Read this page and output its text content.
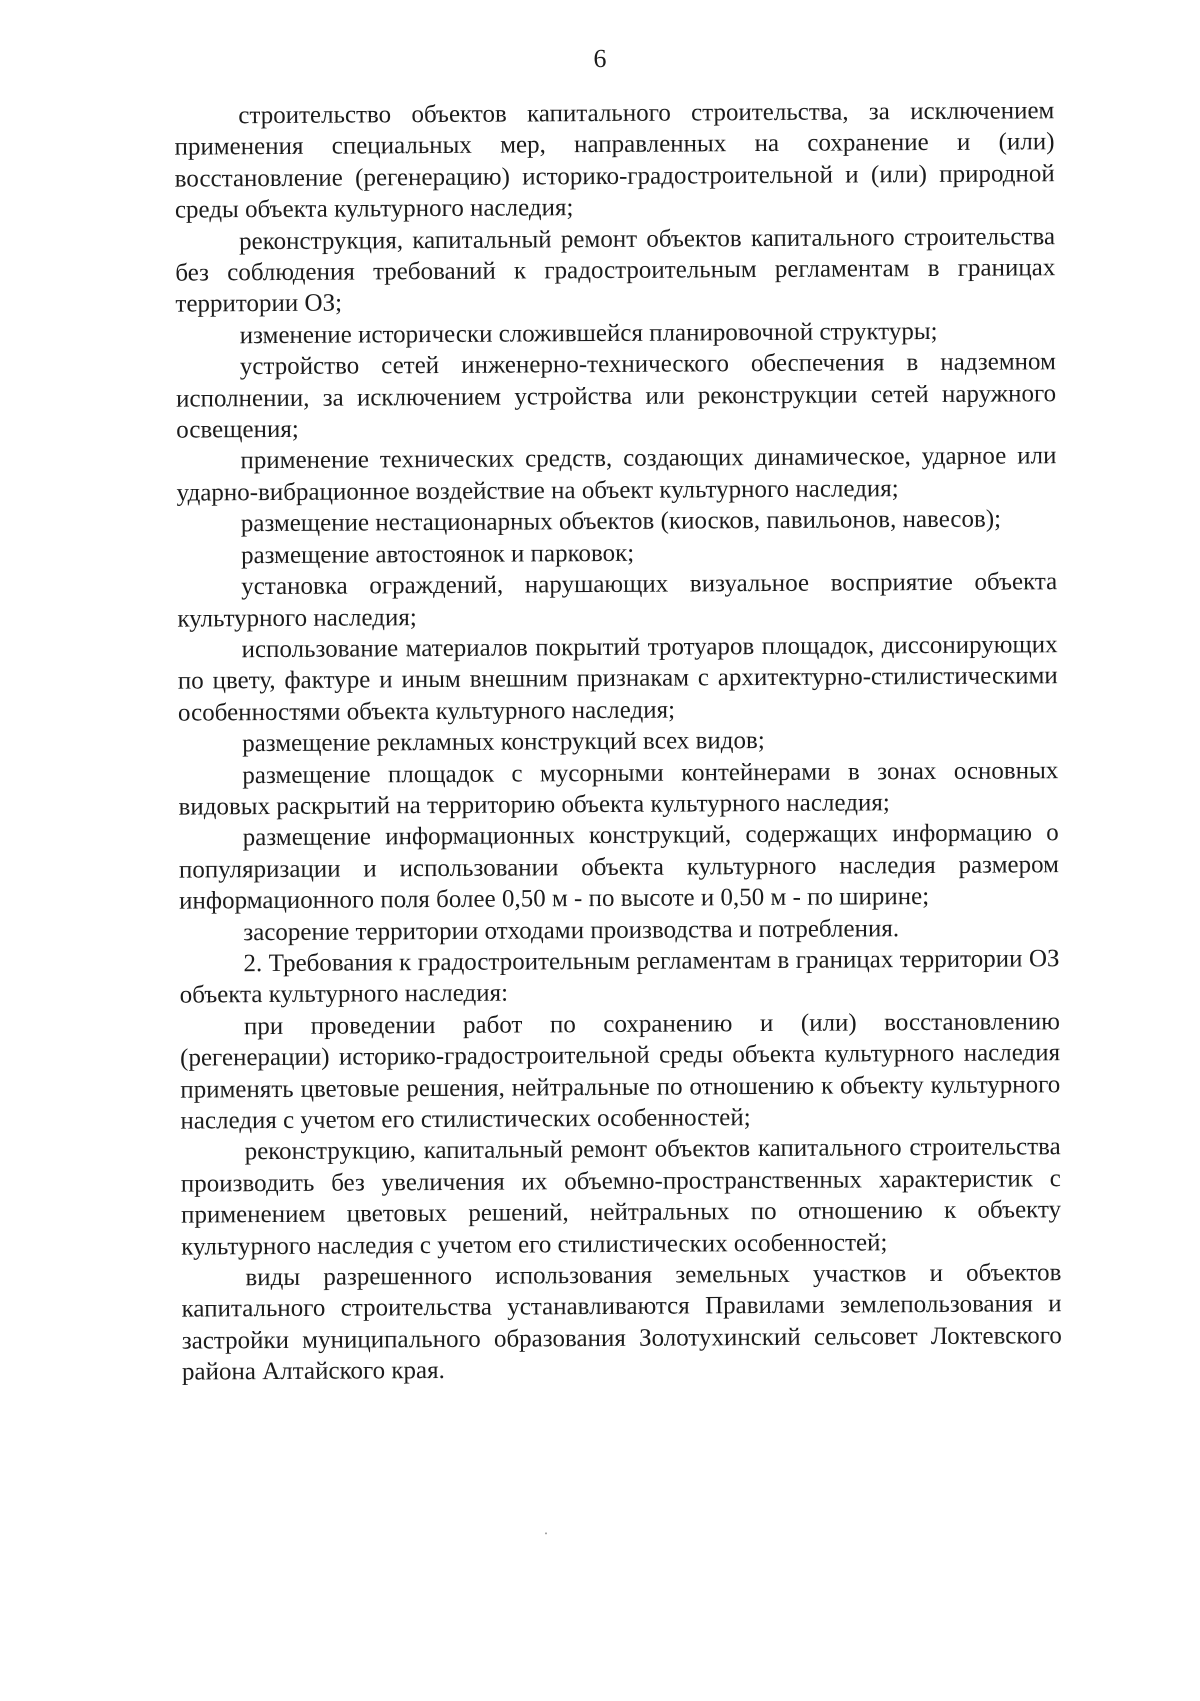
6

строительство объектов капитального строительства, за исключением применения специальных мер, направленных на сохранение и (или) восстановление (регенерацию) историко-градостроительной и (или) природной среды объекта культурного наследия;

реконструкция, капитальный ремонт объектов капитального строительства без соблюдения требований к градостроительным регламентам в границах территории ОЗ;

изменение исторически сложившейся планировочной структуры;

устройство сетей инженерно-технического обеспечения в надземном исполнении, за исключением устройства или реконструкции сетей наружного освещения;

применение технических средств, создающих динамическое, ударное или ударно-вибрационное воздействие на объект культурного наследия;

размещение нестационарных объектов (киосков, павильонов, навесов);

размещение автостоянок и парковок;

установка ограждений, нарушающих визуальное восприятие объекта культурного наследия;

использование материалов покрытий тротуаров площадок, диссонирующих по цвету, фактуре и иным внешним признакам с архитектурно-стилистическими особенностями объекта культурного наследия;

размещение рекламных конструкций всех видов;

размещение площадок с мусорными контейнерами в зонах основных видовых раскрытий на территорию объекта культурного наследия;

размещение информационных конструкций, содержащих информацию о популяризации и использовании объекта культурного наследия размером информационного поля более 0,50 м - по высоте и 0,50 м - по ширине;

засорение территории отходами производства и потребления.

2. Требования к градостроительным регламентам в границах территории ОЗ объекта культурного наследия:

при проведении работ по сохранению и (или) восстановлению (регенерации) историко-градостроительной среды объекта культурного наследия применять цветовые решения, нейтральные по отношению к объекту культурного наследия с учетом его стилистических особенностей;

реконструкцию, капитальный ремонт объектов капитального строительства производить без увеличения их объемно-пространственных характеристик с применением цветовых решений, нейтральных по отношению к объекту культурного наследия с учетом его стилистических особенностей;

виды разрешенного использования земельных участков и объектов капитального строительства устанавливаются Правилами землепользования и застройки муниципального образования Золотухинский сельсовет Локтевского района Алтайского края.
